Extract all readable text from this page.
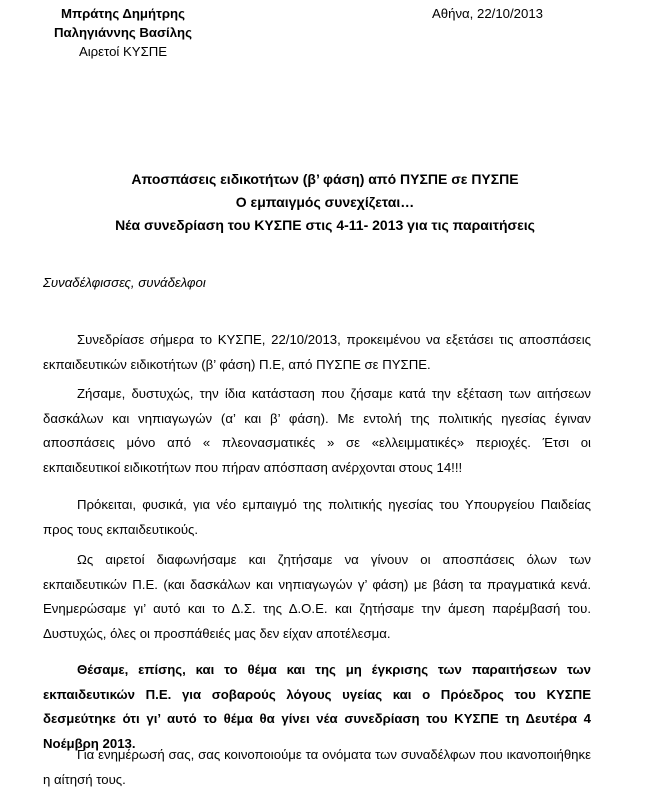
Μπράτης Δημήτρης
Παληγιάννης Βασίλης
Αιρετοί ΚΥΣΠΕ
Αθήνα, 22/10/2013
Αποσπάσεις ειδικοτήτων (β’ φάση) από ΠΥΣΠΕ σε ΠΥΣΠΕ
Ο εμπαιγμός συνεχίζεται…
Νέα συνεδρίαση του ΚΥΣΠΕ στις 4-11- 2013 για τις παραιτήσεις
Συναδέλφισσες, συνάδελφοι

Συνεδρίασε σήμερα το ΚΥΣΠΕ, 22/10/2013, προκειμένου να εξετάσει τις αποσπάσεις εκπαιδευτικών ειδικοτήτων (β’ φάση) Π.Ε, από ΠΥΣΠΕ σε ΠΥΣΠΕ.

Ζήσαμε, δυστυχώς, την ίδια κατάσταση που ζήσαμε κατά την εξέταση των αιτήσεων δασκάλων και νηπιαγωγών (α’ και β’ φάση). Με εντολή της πολιτικής ηγεσίας έγιναν αποσπάσεις μόνο από « πλεονασματικές » σε «ελλειμματικές» περιοχές. Έτσι οι εκπαιδευτικοί ειδικοτήτων που πήραν απόσπαση ανέρχονται στους 14!!!

Πρόκειται, φυσικά, για νέο εμπαιγμό της πολιτικής ηγεσίας του Υπουργείου Παιδείας προς τους εκπαιδευτικούς.

Ως αιρετοί διαφωνήσαμε και ζητήσαμε να γίνουν οι αποσπάσεις όλων των εκπαιδευτικών Π.Ε. (και δασκάλων και νηπιαγωγών γ’ φάση) με βάση τα πραγματικά κενά. Ενημερώσαμε γι’ αυτό και το Δ.Σ. της Δ.Ο.Ε. και ζητήσαμε την άμεση παρέμβασή του. Δυστυχώς, όλες οι προσπάθειές μας δεν είχαν αποτέλεσμα.

Θέσαμε, επίσης, και το θέμα και της μη έγκρισης των παραιτήσεων των εκπαιδευτικών Π.Ε. για σοβαρούς λόγους υγείας και ο Πρόεδρος του ΚΥΣΠΕ δεσμεύτηκε ότι γι’ αυτό το θέμα θα γίνει νέα συνεδρίαση του ΚΥΣΠΕ τη Δευτέρα 4 Νοέμβρη 2013.

Για ενημέρωσή σας, σας κοινοποιούμε τα ονόματα των συναδέλφων που ικανοποιήθηκε η αίτησή τους.
